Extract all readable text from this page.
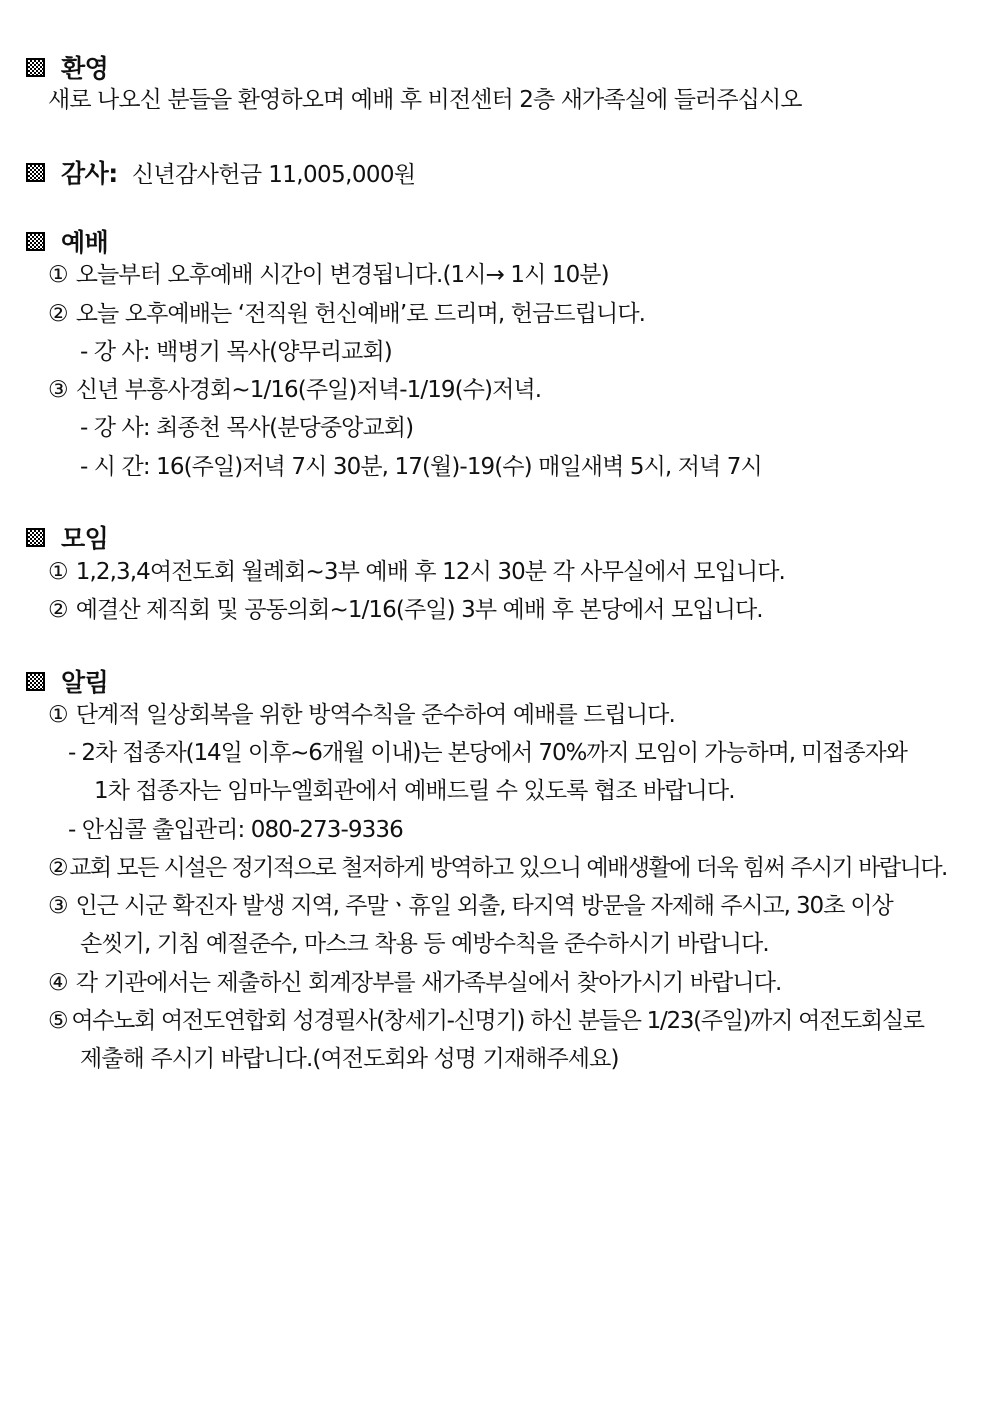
환영
새로 나오신 분들을 환영하오며 예배 후 비전센터 2층 새가족실에 들러주십시오
감사: 신년감사헌금 11,005,000원
예배
① 오늘부터 오후예배 시간이 변경됩니다.(1시→ 1시 10분)
② 오늘 오후예배는 ‘전직원 헌신예배’로 드리며, 헌금드립니다.
- 강 사: 백병기 목사(양무리교회)
③ 신년 부흥사경회~1/16(주일)저녁-1/19(수)저녁.
- 강 사: 최종천 목사(분당중앙교회)
- 시 간: 16(주일)저녁 7시 30분, 17(월)-19(수) 매일새벽 5시, 저녁 7시
모임
① 1,2,3,4여전도회 월례회~3부 예배 후 12시 30분 각 사무실에서 모입니다.
② 예결산 제직회 및 공동의회~1/16(주일) 3부 예배 후 본당에서 모입니다.
알림
① 단계적 일상회복을 위한 방역수칙을 준수하여 예배를 드립니다.
- 2차 접종자(14일 이후~6개월 이내)는 본당에서 70%까지 모임이 가능하며, 미접종자와
1차 접종자는 임마누엘회관에서 예배드릴 수 있도록 협조 바랍니다.
- 안심콜 출입관리: 080-273-9336
②교회 모든 시설은 정기적으로 철저하게 방역하고 있으니 예배생활에 더욱 힘써 주시기 바랍니다.
③ 인근 시군 확진자 발생 지역, 주말ㆍ휴일 외출, 타지역 방문을 자제해 주시고, 30초 이상
손씻기, 기침 예절준수, 마스크 착용 등 예방수칙을 준수하시기 바랍니다.
④ 각 기관에서는 제출하신 회계장부를 새가족부실에서 찾아가시기 바랍니다.
⑤ 여수노회 여전도연합회 성경필사(창세기-신명기) 하신 분들은 1/23(주일)까지 여전도회실로
제출해 주시기 바랍니다.(여전도회와 성명 기재해주세요)
